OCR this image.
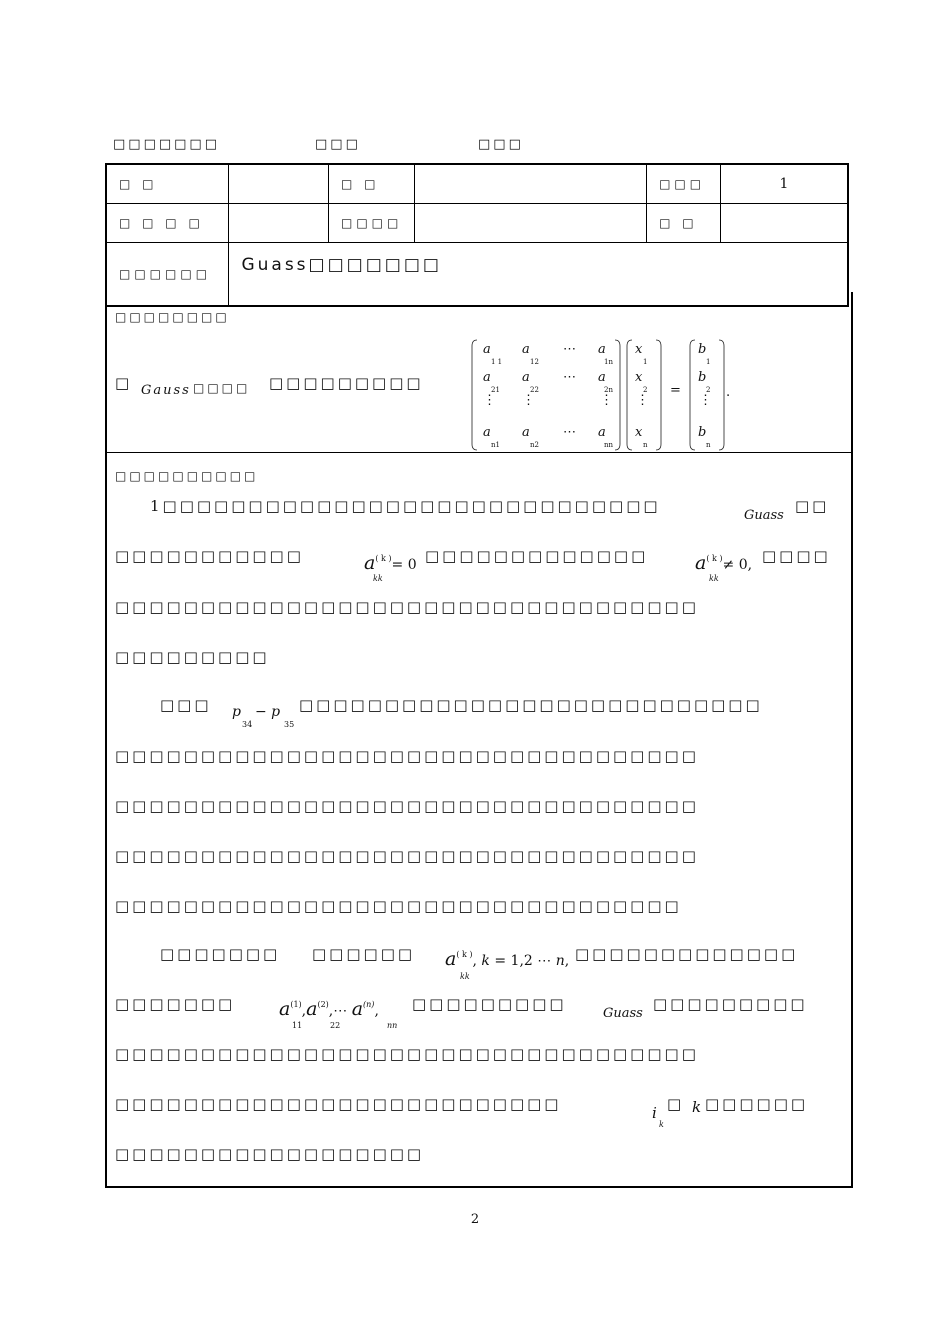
□□□□□□□	□□□	□□□
□ □		□ □		□□□	1
□ □ □ □		□□□□		□ □	
□□□□□□	Guass□□□□□□□				
□□□□□□□□
□ Gauss □□□□ □□□□□□□□□
a a	⋯ a
a a	⋯ a
⋮ ⋮	⋮
a a	⋯ a
x
x
⋮
x
b
b
⋮
b
=	.
1 1	12	1n
21	22	2n
n1	n2	nn
1
2
n
1
2
n
□□□□□□□□□□
1□□□□□□□□□□□□□□□□□□□□□□□□□□□□□
Guass
□□
□□□□□□□□□□□	$a^{( k )}= 0$
kk
□□□□□□□□□□□□□ $a^{( k )}\ne 0$,
kk
□□□□
□□□□□□□□□□□□□□□□□□□□□□□□□□□□□□□□□□
□□□□□□□□□
□□□ p − p
34	35
□□□□□□□□□□□□□□□□□□□□□□□□□□□
□□□□□□□□□□□□□□□□□□□□□□□□□□□□□□□□□□
□□□□□□□□□□□□□□□□□□□□□□□□□□□□□□□□□□
□□□□□□□□□□□□□□□□□□□□□□□□□□□□□□□□□□
□□□□□□□□□□□□□□□□□□□□□□□□□□□□□□□□□
□□□□□□□ □□□□□□ $a^{( k )}$, k = 1,2 ⋯ n,
kk
□□□□□□□□□□□□□
□□□□□□□ $a^{(1)},a^{(2)},\cdots$ $a^{(n)}$,
11	22	nn
□□□□□□□□□
Guass
□□□□□□□□□
□□□□□□□□□□□□□□□□□□□□□□□□□□□□□□□□□□
□□□□□□□□□□□□□□□□□□□□□□□□□□	i
k
□ k □□□□□□
□□□□□□□□□□□□□□□□□□
2
